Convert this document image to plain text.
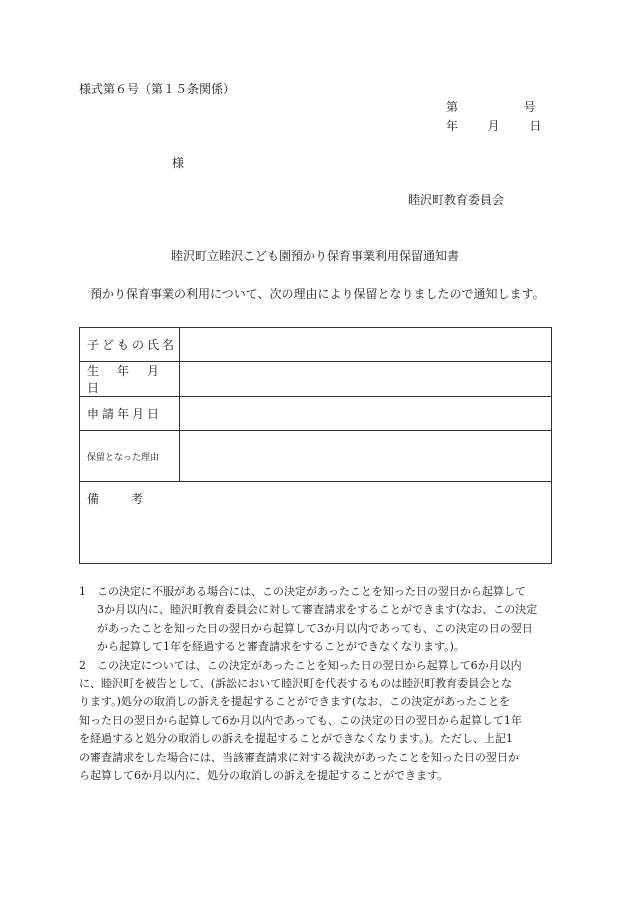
様式第６号（第１５条関係）
第	号
年 月 日
様
睦沢町教育委員会
睦沢町立睦沢こども園預かり保育事業利用保留通知書
預かり保育事業の利用について、次の理由により保留となりましたので通知します。
子どもの氏名	
生　年　月　日	
申請年月日	
保留となった理由	
備　考	
1 この決定に不服がある場合には、この決定があったことを知った日の翌日から起算して
3か月以内に、睦沢町教育委員会に対して審査請求をすることができます(なお、この決定
があったことを知った日の翌日から起算して3か月以内であっても、この決定の日の翌日
から起算して1年を経過すると審査請求をすることができなくなります。)。
2 この決定については、この決定があったことを知った日の翌日から起算して6か月以内
に、睦沢町を被告として、(訴訟において睦沢町を代表するものは睦沢町教育委員会とな
ります。)処分の取消しの訴えを提起することができます(なお、この決定があったことを
知った日の翌日から起算して6か月以内であっても、この決定の日の翌日から起算して1年
を経過すると処分の取消しの訴えを提起することができなくなります。)。ただし、上記1
の審査請求をした場合には、当該審査請求に対する裁決があったことを知った日の翌日か
ら起算して6か月以内に、処分の取消しの訴えを提起することができます。
